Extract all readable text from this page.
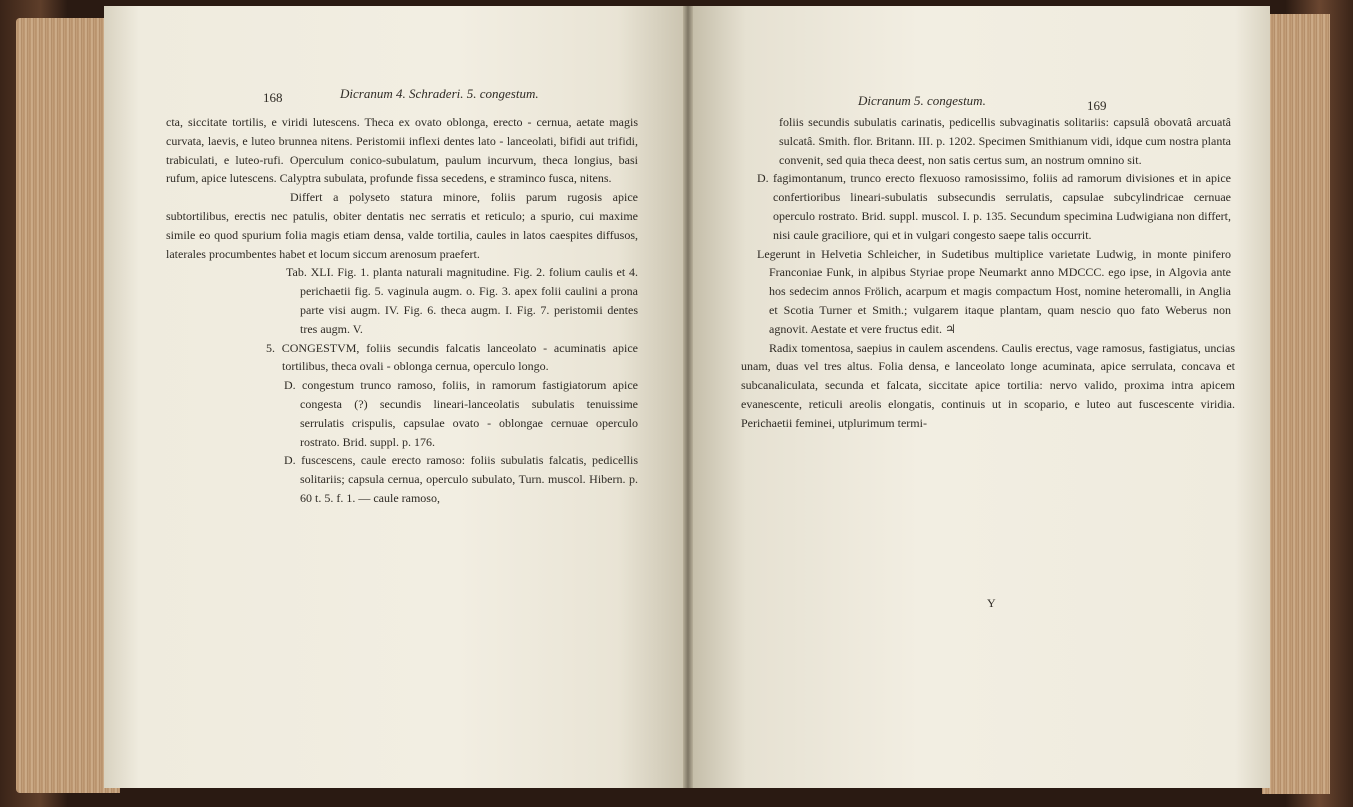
168	Dicranum 4. Schraderi. 5. congestum.

cta, siccitate tortilis, e viridi lutescens. Theca ex ovato oblonga, erecto - cernua, aetate magis curvata, laevis, e luteo brunnea nitens. Peristomii inflexi dentes lato - lanceolati, bifidi aut trifidi, trabiculati, e luteo-rufi. Operculum conico-subulatum, paulum incurvum, theca longius, basi rufum, apice lutescens. Calyptra subulata, profunde fissa secedens, e straminco fusca, nitens.

Differt a polyseto statura minore, foliis parum rugosis apice subtortilibus, erectis nec patulis, obiter dentatis nec serratis et reticulo; a spurio, cui maxime simile eo quod spurium folia magis etiam densa, valde tortilia, caules in latos caespites diffusos, laterales procumbentes habet et locum siccum arenosum praefert.

Tab. XLI. Fig. 1. planta naturali magnitudine. Fig. 2. folium caulis et 4. perichaetii fig. 5. vaginula augm. o. Fig. 3. apex folii caulini a prona parte visi augm. IV. Fig. 6. theca augm. I. Fig. 7. peristomii dentes tres augm. V.

5. CONGESTVM, foliis secundis falcatis lanceolato - acuminatis apice tortilibus, theca ovali - oblonga cernua, operculo longo.

D. congestum trunco ramoso, foliis, in ramorum fastigiatorum apice congesta (?) secundis lineari-lanceolatis subulatis tenuissime serrulatis crispulis, capsulae ovato - oblongae cernuae operculo rostrato. Brid. suppl. p. 176.

D. fuscescens, caule erecto ramoso: foliis subulatis falcatis, pedicellis solitariis; capsula cernua, operculo subulato, Turn. muscol. Hibern. p. 60 t. 5. f. 1. — caule ramoso,

Dicranum 5. congestum.	169

foliis secundis subulatis carinatis, pedicellis subvaginatis solitariis: capsulâ obovatâ arcuatâ sulcatâ. Smith. flor. Britann. III. p. 1202. Specimen Smithianum vidi, idque cum nostra planta convenit, sed quia theca deest, non satis certus sum, an nostrum omnino sit.

D. fagimontanum, trunco erecto flexuoso ramosissimo, foliis ad ramorum divisiones et in apice confertioribus lineari-subulatis subsecundis serrulatis, capsulae subcylindricae cernuae operculo rostrato. Brid. suppl. muscol. I. p. 135. Secundum specimina Ludwigiana non differt, nisi caule graciliore, qui et in vulgari congesto saepe talis occurrit.

Legerunt in Helvetia Schleicher, in Sudetibus multiplice varietate Ludwig, in monte pinifero Franconiae Funk, in alpibus Styriae prope Neumarkt anno MDCCC. ego ipse, in Algovia ante hos sedecim annos Frölich, acarpum et magis compactum Host, nomine heteromalli, in Anglia et Scotia Turner et Smith.; vulgarem itaque plantam, quam nescio quo fato Weberus non agnovit. Aestate et vere fructus edit. ♃

Radix tomentosa, saepius in caulem ascendens. Caulis erectus, vage ramosus, fastigiatus, uncias unam, duas vel tres altus. Folia densa, e lanceolato longe acuminata, apice serrulata, concava et subcanaliculata, secunda et falcata, siccitate apice tortilia: nervo valido, proxima intra apicem evanescente, reticuli areolis elongatis, continuis ut in scopario, e luteo aut fuscescente viridia. Perichaetii feminei, utplurimum termi-

Y
